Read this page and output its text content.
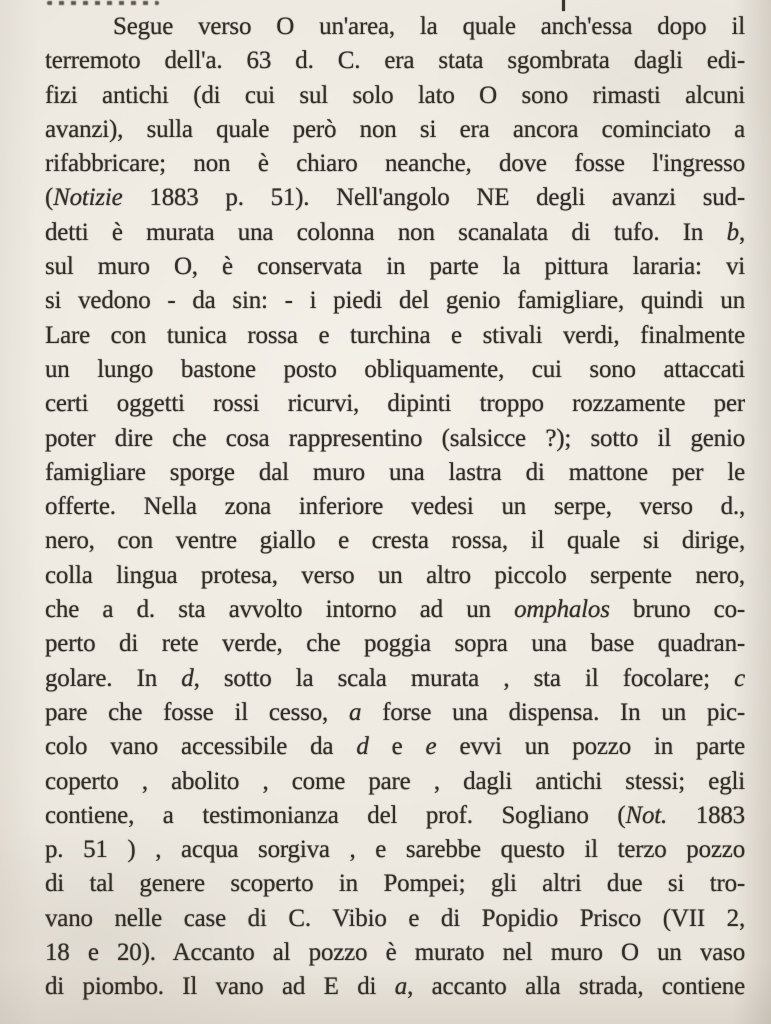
Segue verso O un'area, la quale anch'essa dopo il
terremoto dell'a. 63 d. C. era stata sgombrata dagli edi-
fizi antichi (di cui sul solo lato O sono rimasti alcuni
avanzi), sulla quale però non si era ancora cominciato a
rifabbricare; non è chiaro neanche, dove fosse l'ingresso
(Notizie 1883 p. 51). Nell'angolo NE degli avanzi sud-
detti è murata una colonna non scanalata di tufo. In b,
sul muro O, è conservata in parte la pittura lararia: vi
si vedono - da sin: - i piedi del genio famigliare, quindi un
Lare con tunica rossa e turchina e stivali verdi, finalmente
un lungo bastone posto obliquamente, cui sono attaccati
certi oggetti rossi ricurvi, dipinti troppo rozzamente per
poter dire che cosa rappresentino (salsicce ?); sotto il genio
famigliare sporge dal muro una lastra di mattone per le
offerte. Nella zona inferiore vedesi un serpe, verso d.,
nero, con ventre giallo e cresta rossa, il quale si dirige,
colla lingua protesa, verso un altro piccolo serpente nero,
che a d. sta avvolto intorno ad un omphalos bruno co-
perto di rete verde, che poggia sopra una base quadran-
golare. In d, sotto la scala murata , sta il focolare; c
pare che fosse il cesso, a forse una dispensa. In un pic-
colo vano accessibile da d e e evvi un pozzo in parte
coperto , abolito , come pare , dagli antichi stessi; egli
contiene, a testimonianza del prof. Sogliano (Not. 1883
p. 51 ) , acqua sorgiva , e sarebbe questo il terzo pozzo
di tal genere scoperto in Pompei; gli altri due si tro-
vano nelle case di C. Vibio e di Popidio Prisco (VII 2,
18 e 20). Accanto al pozzo è murato nel muro O un vaso
di piombo. Il vano ad E di a, accanto alla strada, contiene
